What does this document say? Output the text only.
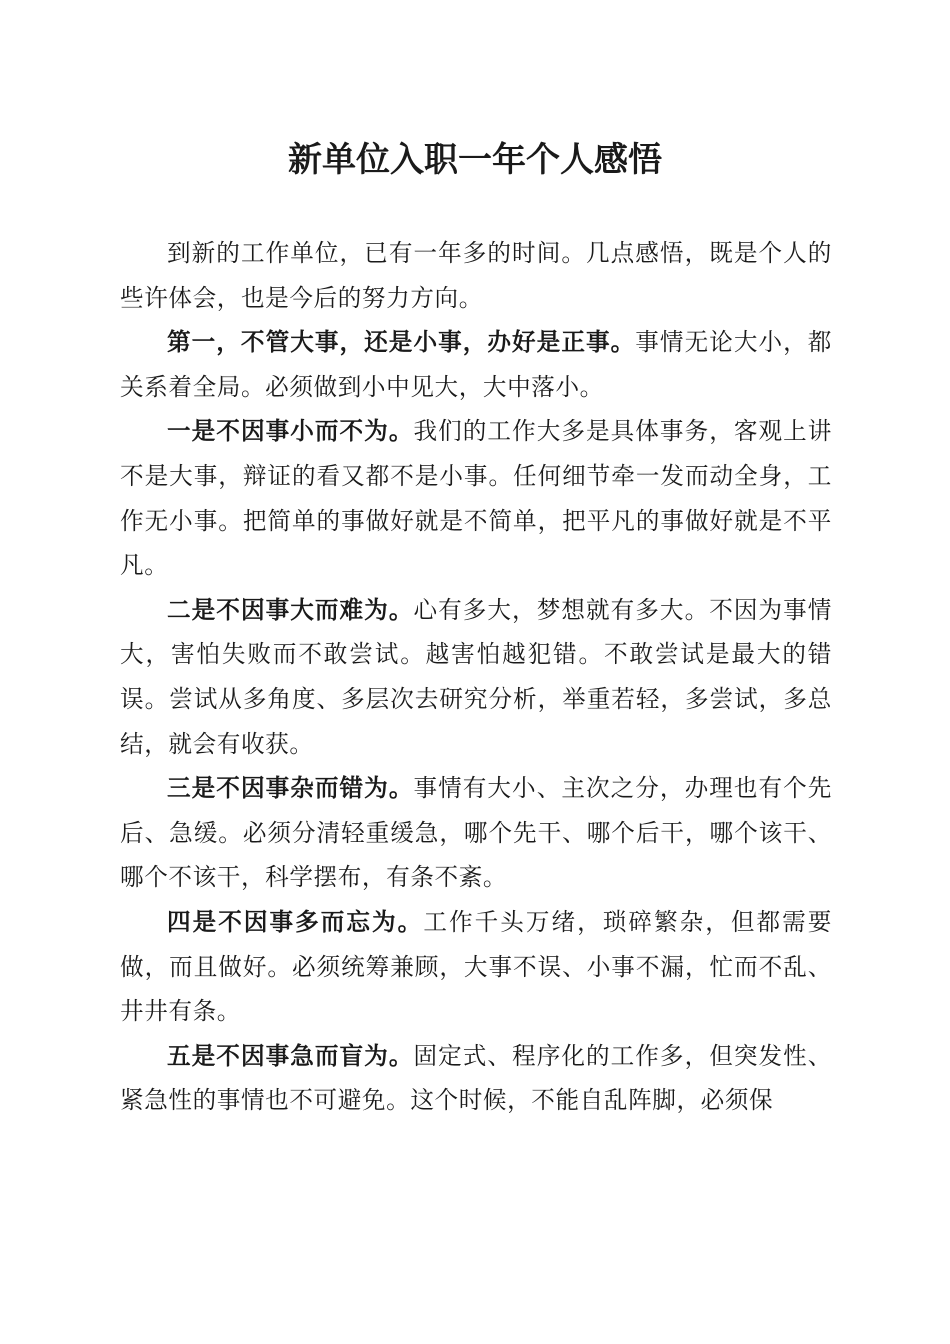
新单位入职一年个人感悟

到新的工作单位，已有一年多的时间。几点感悟，既是个人的些许体会，也是今后的努力方向。

第一，不管大事，还是小事，办好是正事。事情无论大小，都关系着全局。必须做到小中见大，大中落小。

一是不因事小而不为。我们的工作大多是具体事务，客观上讲不是大事，辩证的看又都不是小事。任何细节牵一发而动全身，工作无小事。把简单的事做好就是不简单，把平凡的事做好就是不平凡。

二是不因事大而难为。心有多大，梦想就有多大。不因为事情大，害怕失败而不敢尝试。越害怕越犯错。不敢尝试是最大的错误。尝试从多角度、多层次去研究分析，举重若轻，多尝试，多总结，就会有收获。

三是不因事杂而错为。事情有大小、主次之分，办理也有个先后、急缓。必须分清轻重缓急，哪个先干、哪个后干，哪个该干、哪个不该干，科学摆布，有条不紊。

四是不因事多而忘为。工作千头万绪，琐碎繁杂，但都需要做，而且做好。必须统筹兼顾，大事不误、小事不漏，忙而不乱、井井有条。

五是不因事急而盲为。固定式、程序化的工作多，但突发性、紧急性的事情也不可避免。这个时候，不能自乱阵脚，必须保
